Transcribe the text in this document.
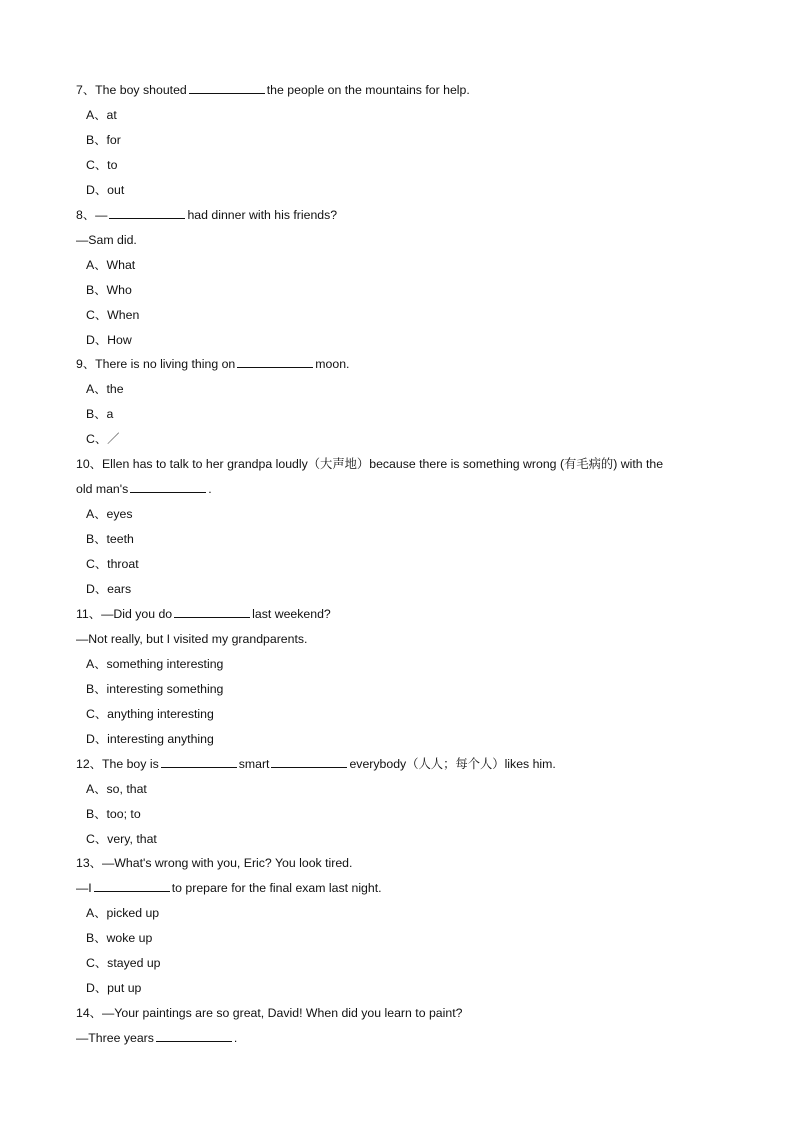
7、The boy shouted	the people on the mountains for help.
A、at
B、for
C、to
D、out
8、—	had dinner with his friends?
—Sam did.
A、What
B、Who
C、When
D、How
9、There is no living thing on	moon.
A、the
B、a
C、／
10、Ellen has to talk to her grandpa loudly（大声地）because there is something wrong (有毛病的) with the
old man's	.
A、eyes
B、teeth
C、throat
D、ears
11、—Did you do	last weekend?
—Not really, but I visited my grandparents.
A、something interesting
B、interesting something
C、anything interesting
D、interesting anything
12、The boy is	smart	everybody（人人；每个人）likes him.
A、so, that
B、too; to
C、very, that
13、—What's wrong with you, Eric? You look tired.
—I	to prepare for the final exam last night.
A、picked up
B、woke up
C、stayed up
D、put up
14、—Your paintings are so great, David! When did you learn to paint?
—Three years	.
